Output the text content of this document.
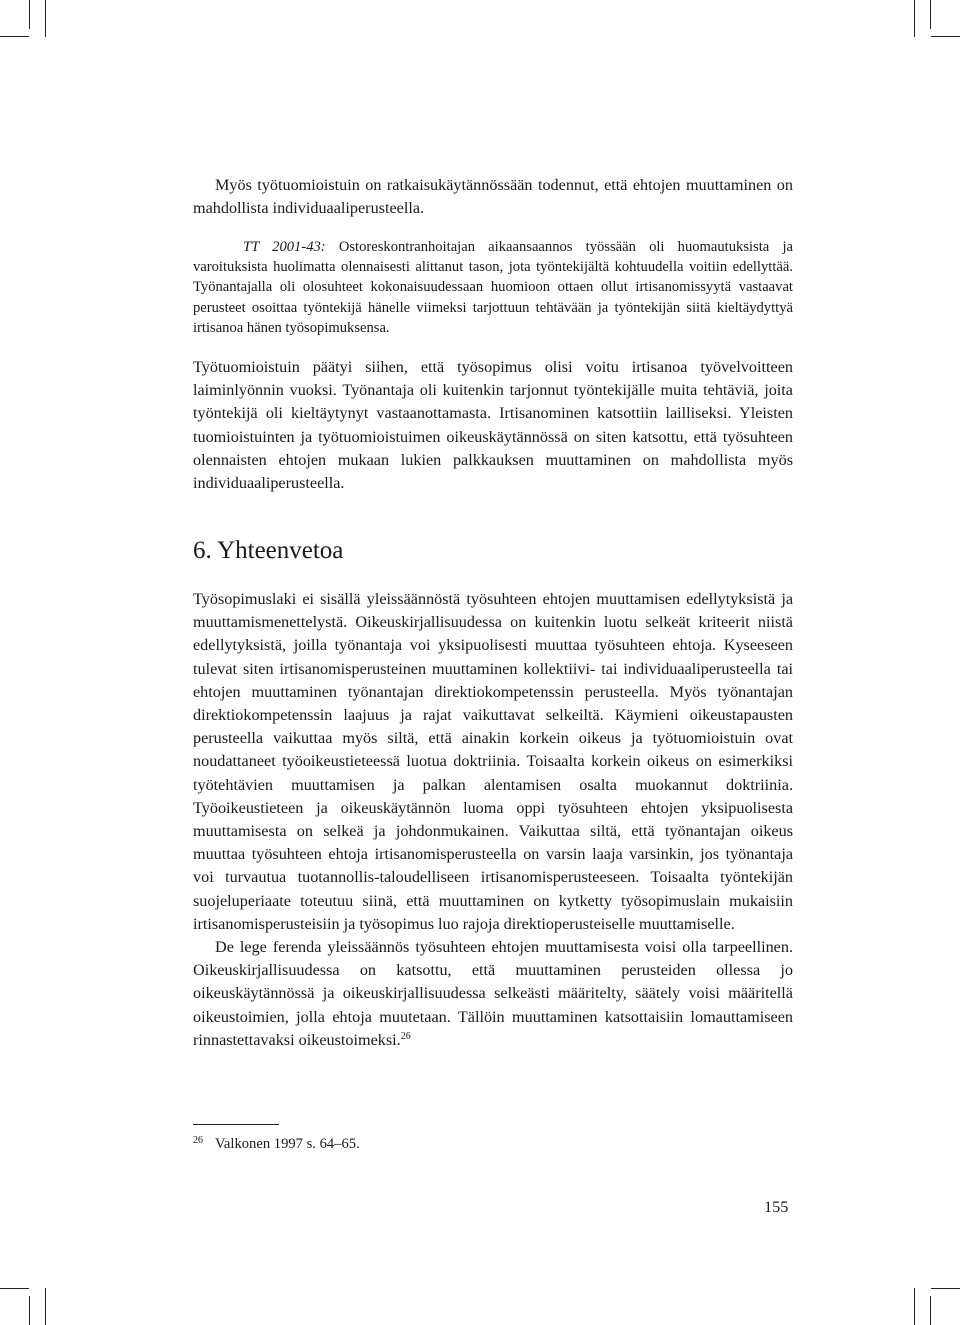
Myös työtuomioistuin on ratkaisukäytännössään todennut, että ehtojen muuttaminen on mahdollista individuaaliperusteella.

TT 2001-43: Ostoreskontranhoitajan aikaansaannos työssään oli huomautuksista ja varoituksista huolimatta olennaisesti alittanut tason, jota työntekijältä kohtuudella voitiin edellyttää. Työnantajalla oli olosuhteet kokonaisuudessaan huomioon ottaen ollut irtisanomissyytä vastaavat perusteet osoittaa työntekijä hänelle viimeksi tarjottuun tehtävään ja työntekijän siitä kieltäydyttyä irtisanoa hänen työsopimuksensa.

Työtuomioistuin päätyi siihen, että työsopimus olisi voitu irtisanoa työvelvoitteen laiminlyönnin vuoksi. Työnantaja oli kuitenkin tarjonnut työntekijälle muita tehtäviä, joita työntekijä oli kieltäytynyt vastaanottamasta. Irtisanominen katsottiin lailliseksi. Yleisten tuomioistuinten ja työtuomioistuimen oikeuskäytännössä on siten katsottu, että työsuhteen olennaisten ehtojen mukaan lukien palkkauksen muuttaminen on mahdollista myös individuaaliperusteella.

6. Yhteenvetoa

Työsopimuslaki ei sisällä yleissäännöstä työsuhteen ehtojen muuttamisen edellytyksistä ja muuttamismenettelystä. Oikeuskirjallisuudessa on kuitenkin luotu selkeät kriteerit niistä edellytyksistä, joilla työnantaja voi yksipuolisesti muuttaa työsuhteen ehtoja. Kyseeseen tulevat siten irtisanomisperusteinen muuttaminen kollektiivi- tai individuaaliperusteella tai ehtojen muuttaminen työnantajan direktiokompetenssin perusteella. Myös työnantajan direktiokompetenssin laajuus ja rajat vaikuttavat selkeiltä. Käymieni oikeustapausten perusteella vaikuttaa myös siltä, että ainakin korkein oikeus ja työtuomioistuin ovat noudattaneet työoikeustieteessä luotua doktriinia. Toisaalta korkein oikeus on esimerkiksi työtehtävien muuttamisen ja palkan alentamisen osalta muokannut doktriinia. Työoikeustieteen ja oikeuskäytännön luoma oppi työsuhteen ehtojen yksipuolisesta muuttamisesta on selkeä ja johdonmukainen. Vaikuttaa siltä, että työnantajan oikeus muuttaa työsuhteen ehtoja irtisanomisperusteella on varsin laaja varsinkin, jos työnantaja voi turvautua tuotannollis-taloudelliseen irtisanomisperusteeseen. Toisaalta työntekijän suojeluperiaate toteutuu siinä, että muuttaminen on kytketty työsopimuslain mukaisiin irtisanomisperusteisiin ja työsopimus luo rajoja direktioperusteiselle muuttamiselle.

De lege ferenda yleissäännös työsuhteen ehtojen muuttamisesta voisi olla tarpeellinen. Oikeuskirjallisuudessa on katsottu, että muuttaminen perusteiden ollessa jo oikeuskäytännössä ja oikeuskirjallisuudessa selkeästi määritelty, säätely voisi määritellä oikeustoimien, jolla ehtoja muutetaan. Tällöin muuttaminen katsottaisiin lomauttamiseen rinnastettavaksi oikeustoimeksi.$^{26}$

$^{26}$ Valkonen 1997 s. 64–65.
155
